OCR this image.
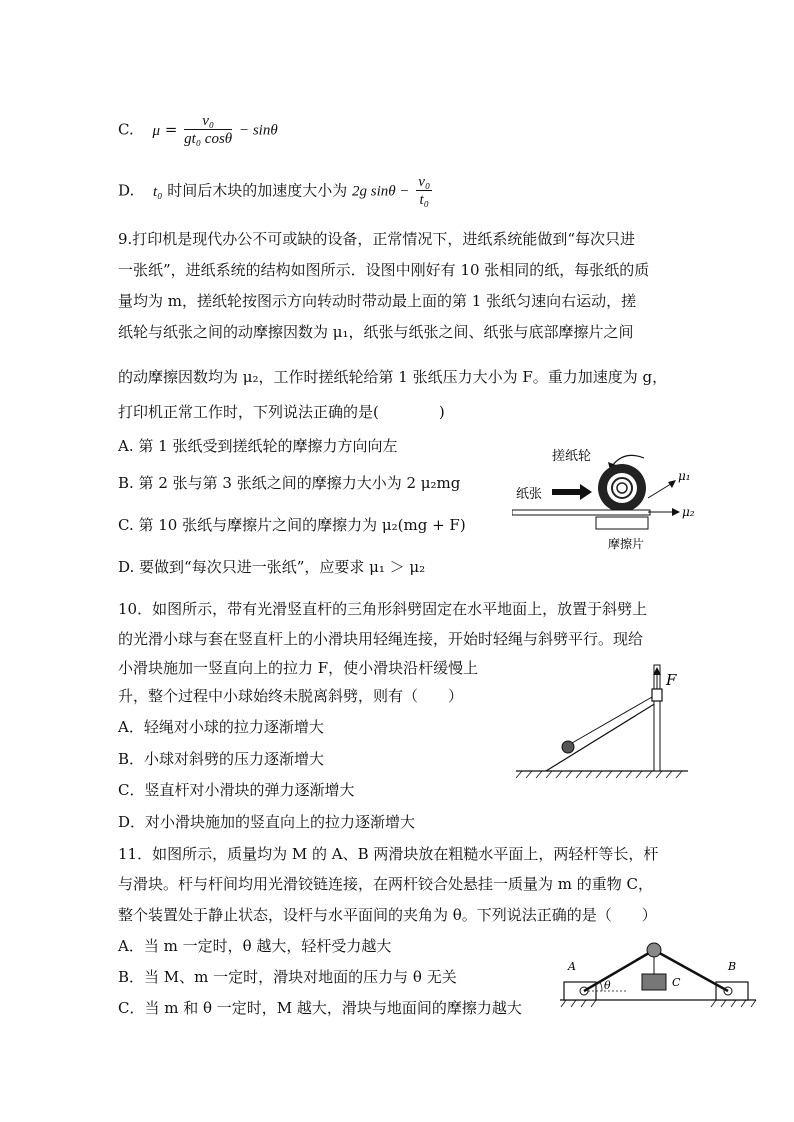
C. $\mu = \frac{\text{v₀}}{\text{gt₀ cosθ}} - \sin\theta$
D. t₀ 时间后木块的加速度大小为 2g $\sin\theta - \frac{\text{v₀}}{\text{t₀}}$
9.打印机是现代办公不可或缺的设备，正常情况下，进纸系统能做到“每次只进
一张纸”，进纸系统的结构如图所示．设图中刚好有 10 张相同的纸，每张纸的质
量均为 m，搓纸轮按图示方向转动时带动最上面的第 1 张纸匀速向右运动，搓
纸轮与纸张之间的动摩擦因数为 μ₁，纸张与纸张之间、纸张与底部摩擦片之间
的动摩擦因数均为 μ₂，工作时搓纸轮给第 1 张纸压力大小为 F。重力加速度为 g，
打印机正常工作时，下列说法正确的是(　　　　)
A. 第 1 张纸受到搓纸轮的摩擦力方向向左
B. 第 2 张与第 3 张纸之间的摩擦力大小为 2 μ₂mg
C. 第 10 张纸与摩擦片之间的摩擦力为 μ₂(mg + F)
D. 要做到“每次只进一张纸”，应要求 μ₁ ＞ μ₂
搓纸轮
μ₁
纸张
μ₂
摩擦片
10．如图所示，带有光滑竖直杆的三角形斜劈固定在水平地面上，放置于斜劈上
的光滑小球与套在竖直杆上的小滑块用轻绳连接，开始时轻绳与斜劈平行。现给
小滑块施加一竖直向上的拉力 F，使小滑块沿杆缓慢上
升，整个过程中小球始终未脱离斜劈，则有（　　）
A．轻绳对小球的拉力逐渐增大
B．小球对斜劈的压力逐渐增大
C．竖直杆对小滑块的弹力逐渐增大
D．对小滑块施加的竖直向上的拉力逐渐增大
F
11．如图所示，质量均为 M 的 A、B 两滑块放在粗糙水平面上，两轻杆等长，杆
与滑块。杆与杆间均用光滑铰链连接，在两杆铰合处悬挂一质量为 m 的重物 C，
整个装置处于静止状态，设杆与水平面间的夹角为 θ。下列说法正确的是（　　）
A．当 m 一定时，θ 越大，轻杆受力越大
B．当 M、m 一定时，滑块对地面的压力与 θ 无关
C．当 m 和 θ 一定时，M 越大，滑块与地面间的摩擦力越大
θ	C
A	B
